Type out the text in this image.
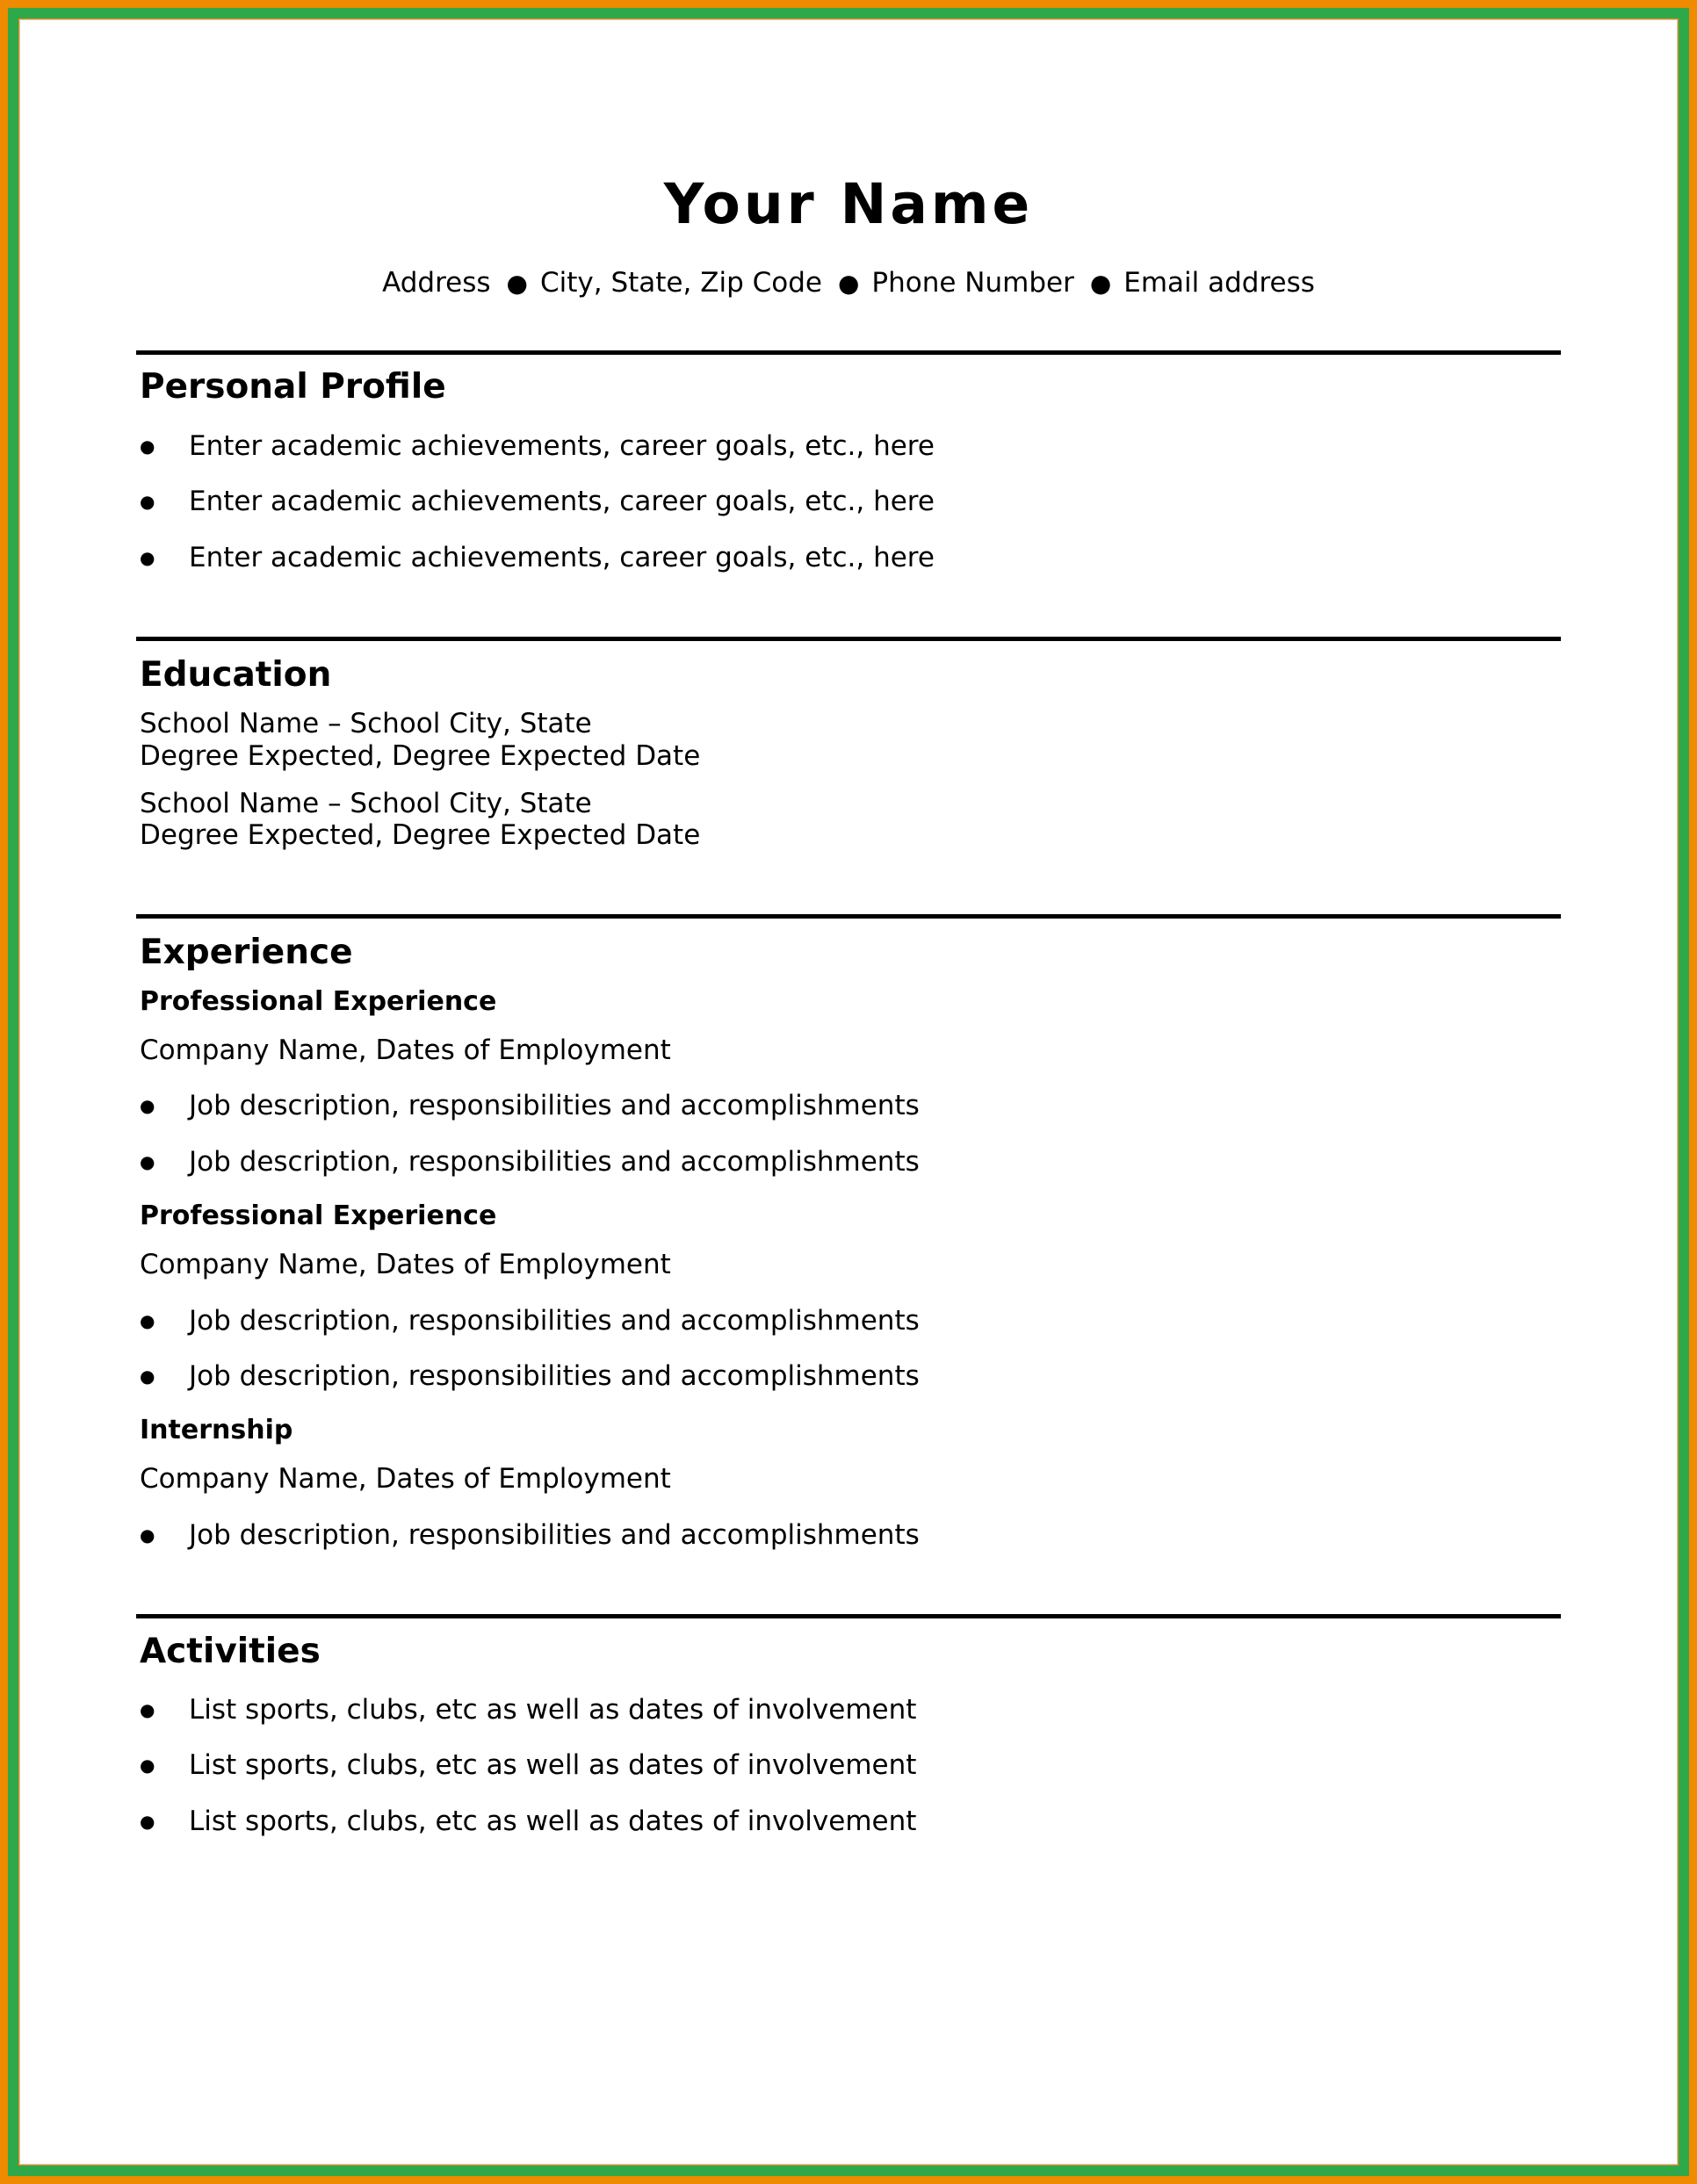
Your Name
Address ● City, State, Zip Code ● Phone Number ● Email address
Personal Profile
● Enter academic achievements, career goals, etc., here
● Enter academic achievements, career goals, etc., here
● Enter academic achievements, career goals, etc., here
Education
School Name – School City, State
Degree Expected, Degree Expected Date
School Name – School City, State
Degree Expected, Degree Expected Date
Experience
Professional Experience
Company Name, Dates of Employment
● Job description, responsibilities and accomplishments
● Job description, responsibilities and accomplishments
Professional Experience
Company Name, Dates of Employment
● Job description, responsibilities and accomplishments
● Job description, responsibilities and accomplishments
Internship
Company Name, Dates of Employment
● Job description, responsibilities and accomplishments
Activities
● List sports, clubs, etc as well as dates of involvement
● List sports, clubs, etc as well as dates of involvement
● List sports, clubs, etc as well as dates of involvement
